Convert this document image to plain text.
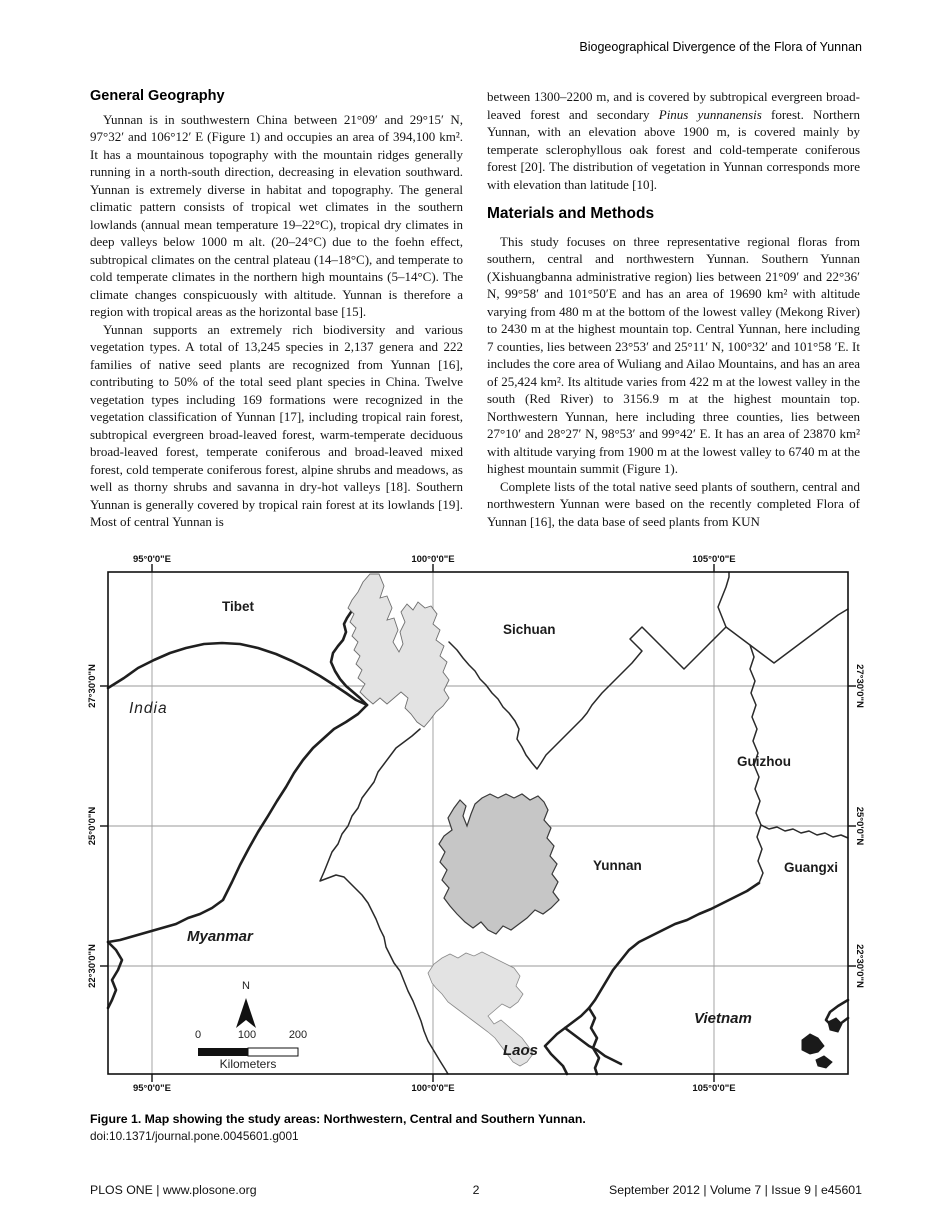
Biogeographical Divergence of the Flora of Yunnan
General Geography

Yunnan is in southwestern China between 21°09′ and 29°15′ N, 97°32′ and 106°12′ E (Figure 1) and occupies an area of 394,100 km². It has a mountainous topography with the mountain ridges generally running in a north-south direction, decreasing in elevation southward. Yunnan is extremely diverse in habitat and topography. The general climatic pattern consists of tropical wet climates in the southern lowlands (annual mean temperature 19–22°C), tropical dry climates in deep valleys below 1000 m alt. (20–24°C) due to the foehn effect, subtropical climates on the central plateau (14–18°C), and temperate to cold temperate climates in the northern high mountains (5–14°C). The climate changes conspicuously with altitude. Yunnan is therefore a region with tropical areas as the horizontal base [15].

Yunnan supports an extremely rich biodiversity and various vegetation types. A total of 13,245 species in 2,137 genera and 222 families of native seed plants are recognized from Yunnan [16], contributing to 50% of the total seed plant species in China. Twelve vegetation types including 169 formations were recognized in the vegetation classification of Yunnan [17], including tropical rain forest, subtropical evergreen broad-leaved forest, warm-temperate deciduous broad-leaved forest, temperate coniferous and broad-leaved mixed forest, cold temperate coniferous forest, alpine shrubs and meadows, as well as thorny shrubs and savanna in dry-hot valleys [18]. Southern Yunnan is generally covered by tropical rain forest at its lowlands [19]. Most of central Yunnan is

between 1300–2200 m, and is covered by subtropical evergreen broad-leaved forest and secondary Pinus yunnanensis forest. Northern Yunnan, with an elevation above 1900 m, is covered mainly by temperate sclerophyllous oak forest and cold-temperate coniferous forest [20]. The distribution of vegetation in Yunnan corresponds more with elevation than latitude [10].

Materials and Methods

This study focuses on three representative regional floras from southern, central and northwestern Yunnan. Southern Yunnan (Xishuangbanna administrative region) lies between 21°09′ and 22°36′ N, 99°58′ and 101°50′E and has an area of 19690 km² with altitude varying from 480 m at the bottom of the lowest valley (Mekong River) to 2430 m at the highest mountain top. Central Yunnan, here including 7 counties, lies between 23°53′ and 25°11′ N, 100°32′ and 101°58 ′E. It includes the core area of Wuliang and Ailao Mountains, and has an area of 25,424 km². Its altitude varies from 422 m at the lowest valley in the south (Red River) to 3156.9 m at the highest mountain top. Northwestern Yunnan, here including three counties, lies between 27°10′ and 28°27′ N, 98°53′ and 99°42′ E. It has an area of 23870 km² with altitude varying from 1900 m at the lowest valley to 6740 m at the highest mountain summit (Figure 1).

Complete lists of the total native seed plants of southern, central and northwestern Yunnan were based on the recently completed Flora of Yunnan [16], the data base of seed plants from KUN

95°0'0"E	100°0'0"E	105°0'0"E
95°0'0"E	100°0'0"E	105°0'0"E
27°30'0"N
25°0'0"N
22°30'0"N
27°30'0"N
25°0'0"N
22°30'0"N
Tibet
Sichuan
India
Guizhou
Yunnan	Guangxi
Myanmar
Vietnam
Laos
N
0	100	200
Kilometers
Figure 1. Map showing the study areas: Northwestern, Central and Southern Yunnan.
doi:10.1371/journal.pone.0045601.g001
PLOS ONE | www.plosone.org	2	September 2012 | Volume 7 | Issue 9 | e45601
